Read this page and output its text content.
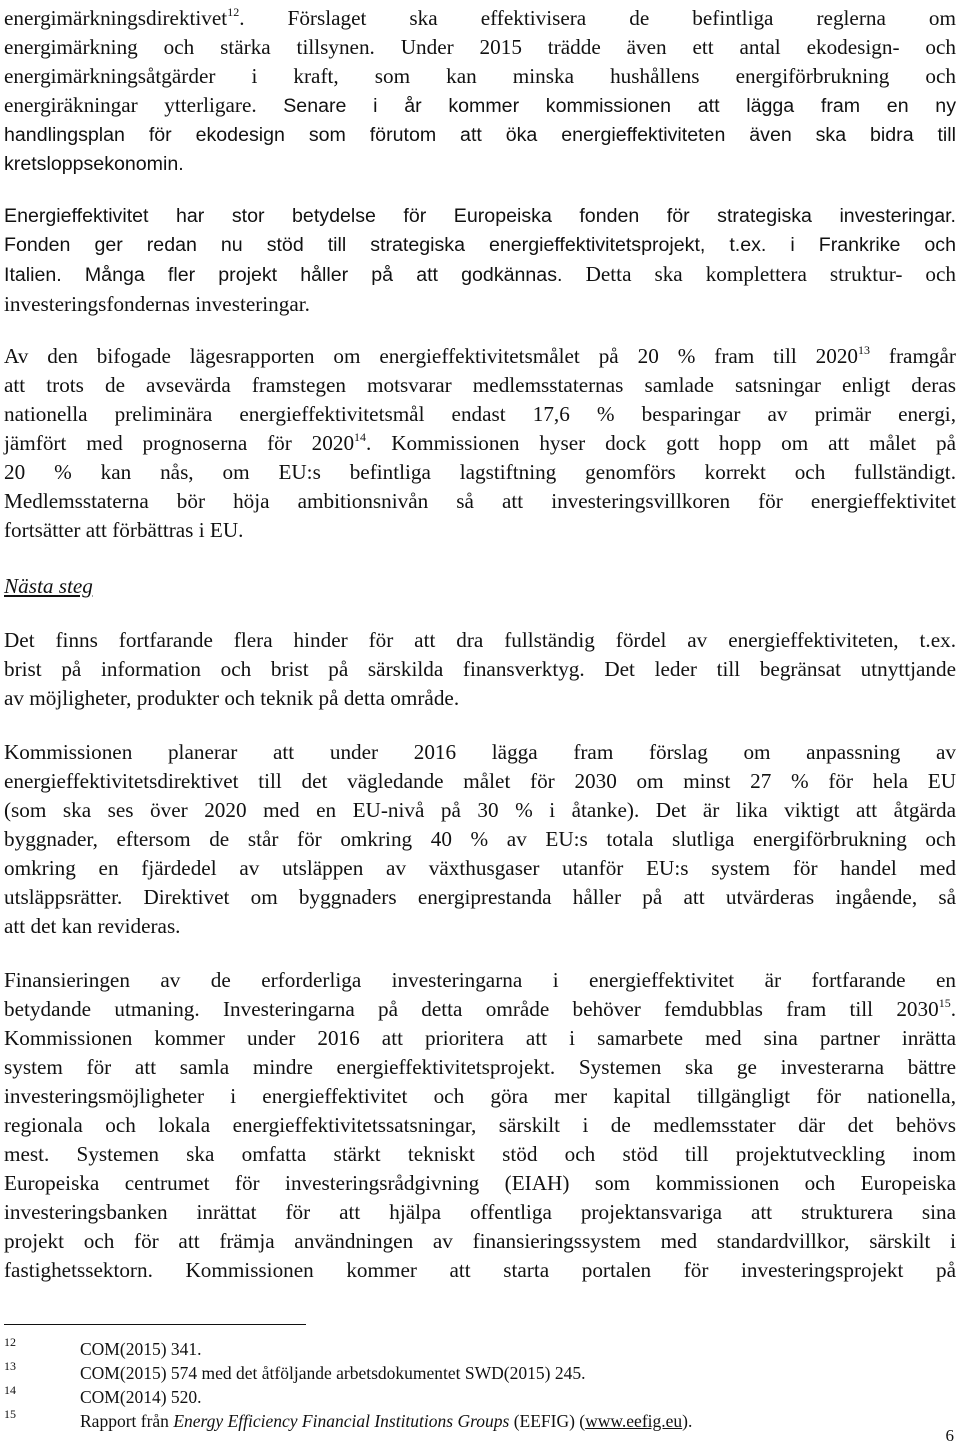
energimärkningsdirektivet$^{12}$. Förslaget ska effektivisera de befintliga reglerna om
energimärkning och stärka tillsynen. Under 2015 trädde även ett antal ekodesign- och
energimärkningsåtgärder i kraft, som kan minska hushållens energiförbrukning och
energiräkningar ytterligare. Senare i år kommer kommissionen att lägga fram en ny
handlingsplan för ekodesign som förutom att öka energieffektiviteten även ska bidra till
kretsloppsekonomin.
Energieffektivitet har stor betydelse för Europeiska fonden för strategiska investeringar.
Fonden ger redan nu stöd till strategiska energieffektivitetsprojekt, t.ex. i Frankrike och
Italien. Många fler projekt håller på att godkännas. Detta ska komplettera struktur- och
investeringsfondernas investeringar.
Av den bifogade lägesrapporten om energieffektivitetsmålet på 20 % fram till 2020$^{13}$ framgår
att trots de avsevärda framstegen motsvarar medlemsstaternas samlade satsningar enligt deras
nationella preliminära energieffektivitetsmål endast 17,6 % besparingar av primär energi,
jämfört med prognoserna för 2020$^{14}$. Kommissionen hyser dock gott hopp om att målet på
20 % kan nås, om EU:s befintliga lagstiftning genomförs korrekt och fullständigt.
Medlemsstaterna bör höja ambitionsnivån så att investeringsvillkoren för energieffektivitet
fortsätter att förbättras i EU.
Nästa steg
Det finns fortfarande flera hinder för att dra fullständig fördel av energieffektiviteten, t.ex.
brist på information och brist på särskilda finansverktyg. Det leder till begränsat utnyttjande
av möjligheter, produkter och teknik på detta område.
Kommissionen planerar att under 2016 lägga fram förslag om anpassning av
energieffektivitetsdirektivet till det vägledande målet för 2030 om minst 27 % för hela EU
(som ska ses över 2020 med en EU-nivå på 30 % i åtanke). Det är lika viktigt att åtgärda
byggnader, eftersom de står för omkring 40 % av EU:s totala slutliga energiförbrukning och
omkring en fjärdedel av utsläppen av växthusgaser utanför EU:s system för handel med
utsläppsrätter. Direktivet om byggnaders energiprestanda håller på att utvärderas ingående, så
att det kan revideras.
Finansieringen av de erforderliga investeringarna i energieffektivitet är fortfarande en
betydande utmaning. Investeringarna på detta område behöver femdubblas fram till 2030$^{15}$.
Kommissionen kommer under 2016 att prioritera att i samarbete med sina partner inrätta
system för att samla mindre energieffektivitetsprojekt. Systemen ska ge investerarna bättre
investeringsmöjligheter i energieffektivitet och göra mer kapital tillgängligt för nationella,
regionala och lokala energieffektivitetssatsningar, särskilt i de medlemsstater där det behövs
mest. Systemen ska omfatta stärkt tekniskt stöd och stöd till projektutveckling inom
Europeiska centrumet för investeringsrådgivning (EIAH) som kommissionen och Europeiska
investeringsbanken inrättat för att hjälpa offentliga projektansvariga att strukturera sina
projekt och för att främja användningen av finansieringssystem med standardvillkor, särskilt i
fastighetssektorn. Kommissionen kommer att starta portalen för investeringsprojekt på
12	COM(2015) 341.
13	COM(2015) 574 med det åtföljande arbetsdokumentet SWD(2015) 245.
14	COM(2014) 520.
15	Rapport från Energy Efficiency Financial Institutions Groups (EEFIG) (www.eefig.eu).
6
